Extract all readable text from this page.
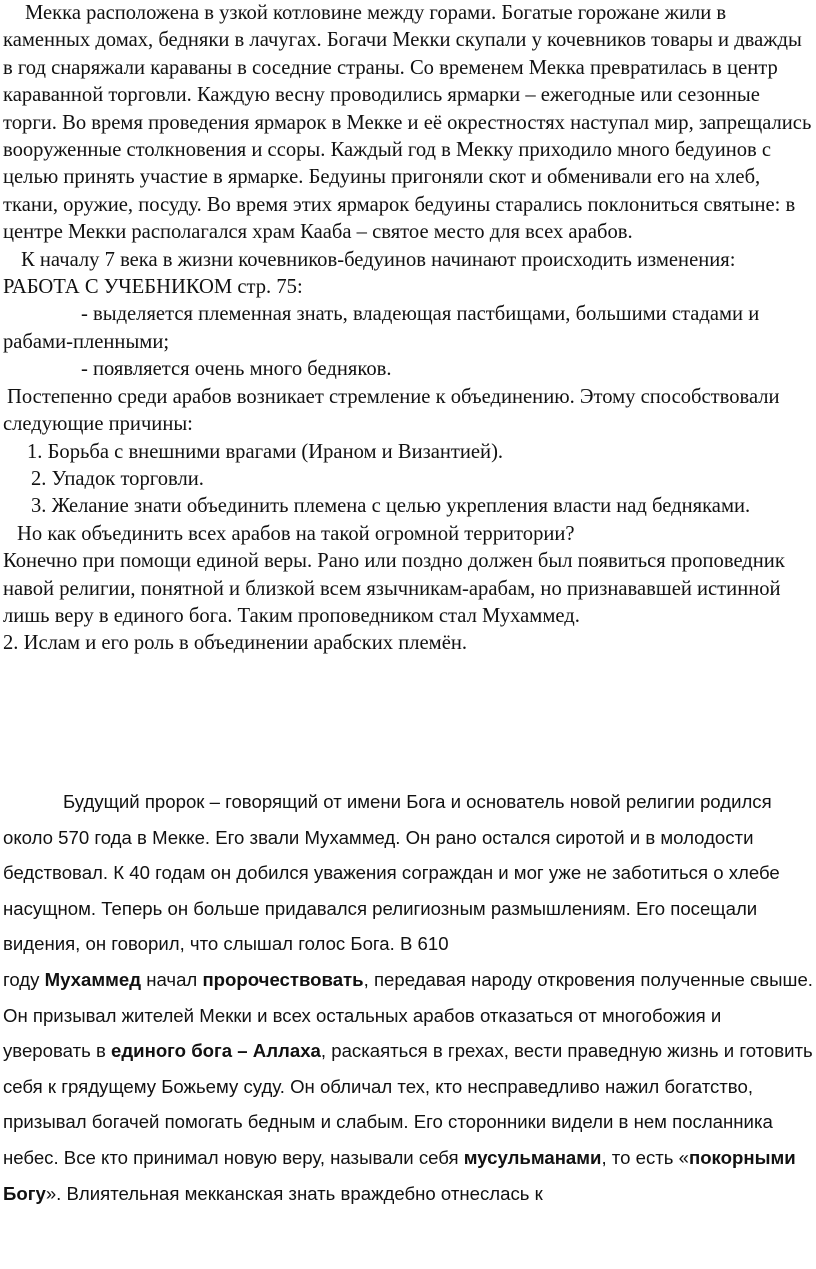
Мекка расположена в узкой котловине между горами. Богатые горожане жили в каменных домах, бедняки в лачугах. Богачи Мекки скупали у кочевников товары и дважды в год снаряжали караваны в соседние страны. Со временем Мекка превратилась в центр караванной торговли. Каждую весну проводились ярмарки – ежегодные или сезонные торги. Во время проведения ярмарок в Мекке и её окрестностях наступал мир, запрещались вооруженные столкновения и ссоры. Каждый год в Мекку приходило много бедуинов с целью принять участие в ярмарке. Бедуины пригоняли скот и обменивали его на хлеб, ткани, оружие, посуду. Во время этих ярмарок бедуины старались поклониться святыне: в центре Мекки располагался храм Кааба – святое место для всех арабов.

К началу 7 века в жизни кочевников-бедуинов начинают происходить изменения: РАБОТА С УЧЕБНИКОМ стр. 75:

- выделяется племенная знать, владеющая пастбищами, большими стадами и рабами-пленными;

- появляется очень много бедняков.

Постепенно среди арабов возникает стремление к объединению. Этому способствовали следующие причины:

1. Борьба с внешними врагами (Ираном и Византией).

2. Упадок торговли.

3. Желание знати объединить племена с целью укрепления власти над бедняками.

Но как объединить всех арабов на такой огромной территории?

Конечно при помощи единой веры. Рано или поздно должен был появиться проповедник навой религии, понятной и близкой всем язычникам-арабам, но признававшей истинной лишь веру в единого бога. Таким проповедником стал Мухаммед.

2. Ислам и его роль в объединении арабских племён.

Будущий пророк – говорящий от имени Бога и основатель новой религии родился около 570 года в Мекке. Его звали Мухаммед. Он рано остался сиротой и в молодости бедствовал. К 40 годам он добился уважения сограждан и мог уже не заботиться о хлебе насущном. Теперь он больше придавался религиозным размышлениям. Его посещали видения, он говорил, что слышал голос Бога. В 610

году Мухаммед начал пророчествовать, передавая народу откровения полученные свыше. Он призывал жителей Мекки и всех остальных арабов отказаться от многобожия и уверовать в единого бога – Аллаха, раскаяться в грехах, вести праведную жизнь и готовить себя к грядущему Божьему суду. Он обличал тех, кто несправедливо нажил богатство, призывал богачей помогать бедным и слабым. Его сторонники видели в нем посланника небес. Все кто принимал новую веру, называли себя мусульманами, то есть «покорными Богу». Влиятельная мекканская знать враждебно отнеслась к
